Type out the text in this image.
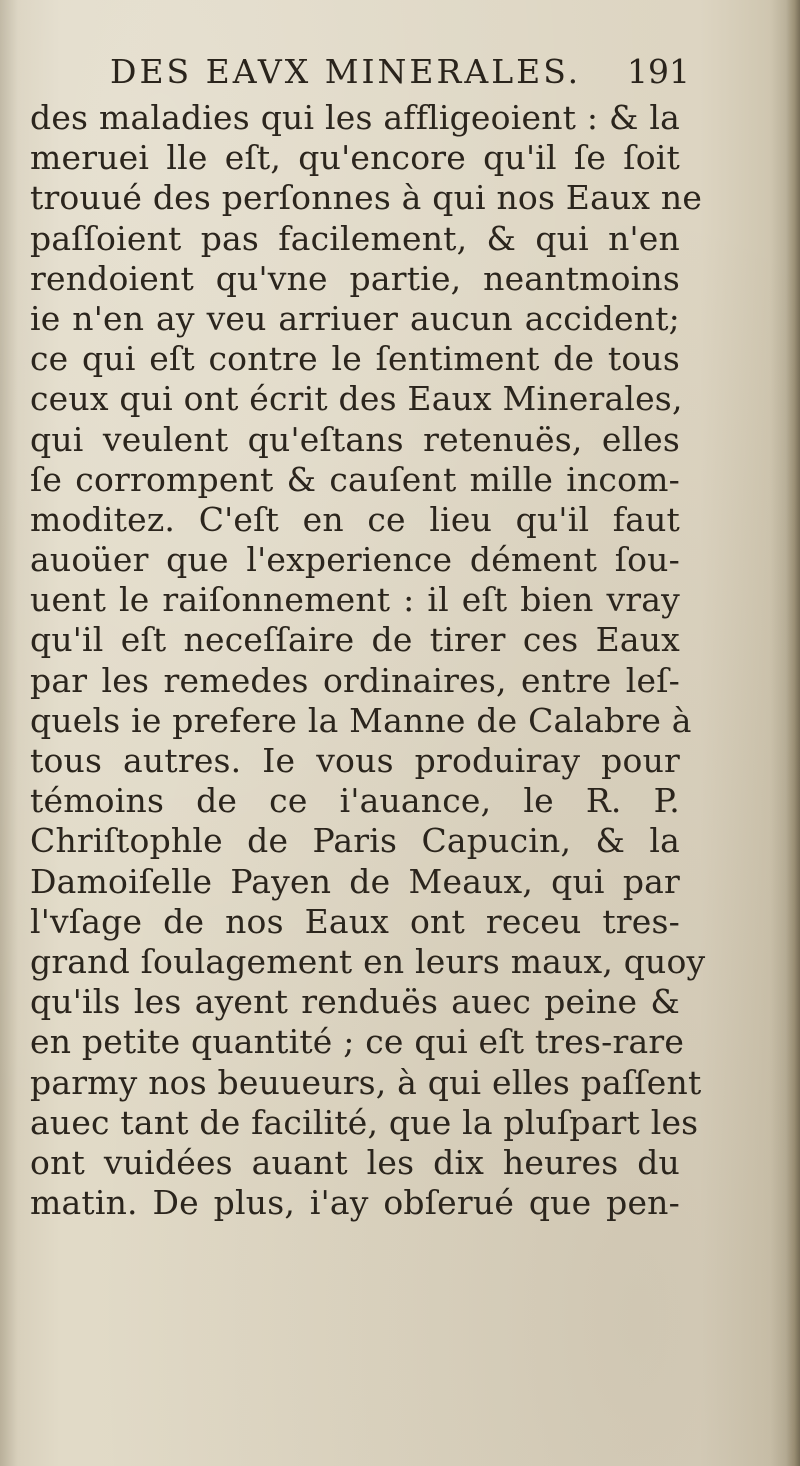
DES EAVX MINERALES. 191
des maladies qui les affligeoient : & la
meruei lle eſt, qu'encore qu'il ſe ſoit
trouué des perſonnes à qui nos Eaux ne
paſſoient pas facilement, & qui n'en
rendoient qu'vne partie, neantmoins
ie n'en ay veu arriuer aucun accident;
ce qui eſt contre le ſentiment de tous
ceux qui ont écrit des Eaux Minerales,
qui veulent qu'eſtans retenuës, elles
ſe corrompent & cauſent mille incom-
moditez. C'eſt en ce lieu qu'il faut
auoüer que l'experience dément ſou-
uent le raiſonnement : il eſt bien vray
qu'il eſt neceſſaire de tirer ces Eaux
par les remedes ordinaires, entre leſ-
quels ie prefere la Manne de Calabre à
tous autres. Ie vous produiray pour
témoins de ce i'auance, le R. P.
Chriſtophle de Paris Capucin, & la
Damoiſelle Payen de Meaux, qui par
l'vſage de nos Eaux ont receu tres-
grand ſoulagement en leurs maux, quoy
qu'ils les ayent renduës auec peine &
en petite quantité ; ce qui eſt tres-rare
parmy nos beuueurs, à qui elles paſſent
auec tant de facilité, que la pluſpart les
ont vuidées auant les dix heures du
matin. De plus, i'ay obſerué que pen-
